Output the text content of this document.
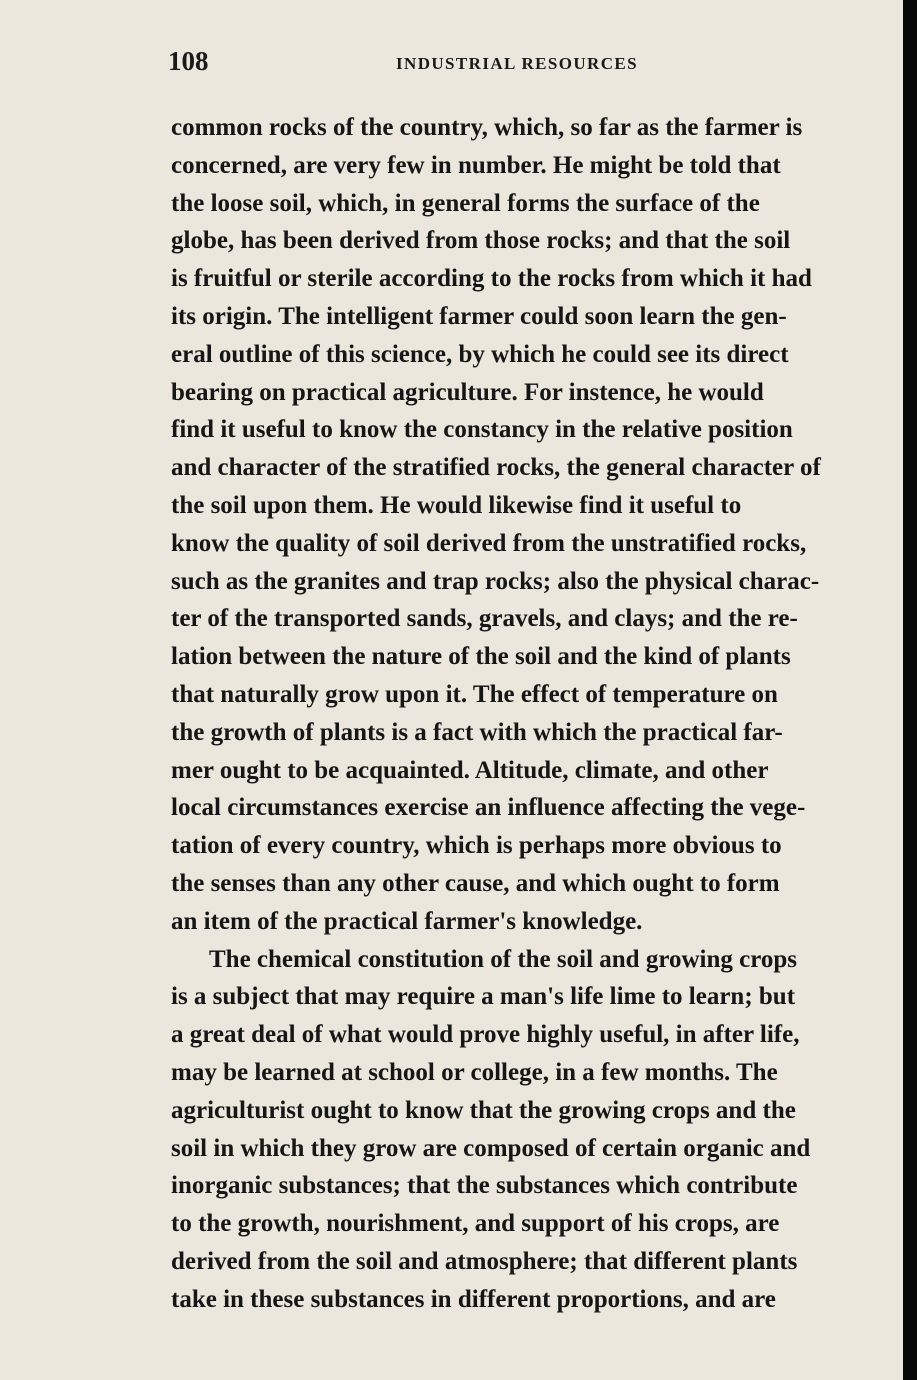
108	INDUSTRIAL RESOURCES
common rocks of the country, which, so far as the farmer is
concerned, are very few in number. He might be told that
the loose soil, which, in general forms the surface of the
globe, has been derived from those rocks; and that the soil
is fruitful or sterile according to the rocks from which it had
its origin. The intelligent farmer could soon learn the gen-
eral outline of this science, by which he could see its direct
bearing on practical agriculture. For instence, he would
find it useful to know the constancy in the relative position
and character of the stratified rocks, the general character of
the soil upon them. He would likewise find it useful to
know the quality of soil derived from the unstratified rocks,
such as the granites and trap rocks; also the physical charac-
ter of the transported sands, gravels, and clays; and the re-
lation between the nature of the soil and the kind of plants
that naturally grow upon it. The effect of temperature on
the growth of plants is a fact with which the practical far-
mer ought to be acquainted. Altitude, climate, and other
local circumstances exercise an influence affecting the vege-
tation of every country, which is perhaps more obvious to
the senses than any other cause, and which ought to form
an item of the practical farmer's knowledge.
The chemical constitution of the soil and growing crops
is a subject that may require a man's life lime to learn; but
a great deal of what would prove highly useful, in after life,
may be learned at school or college, in a few months. The
agriculturist ought to know that the growing crops and the
soil in which they grow are composed of certain organic and
inorganic substances; that the substances which contribute
to the growth, nourishment, and support of his crops, are
derived from the soil and atmosphere; that different plants
take in these substances in different proportions, and are
